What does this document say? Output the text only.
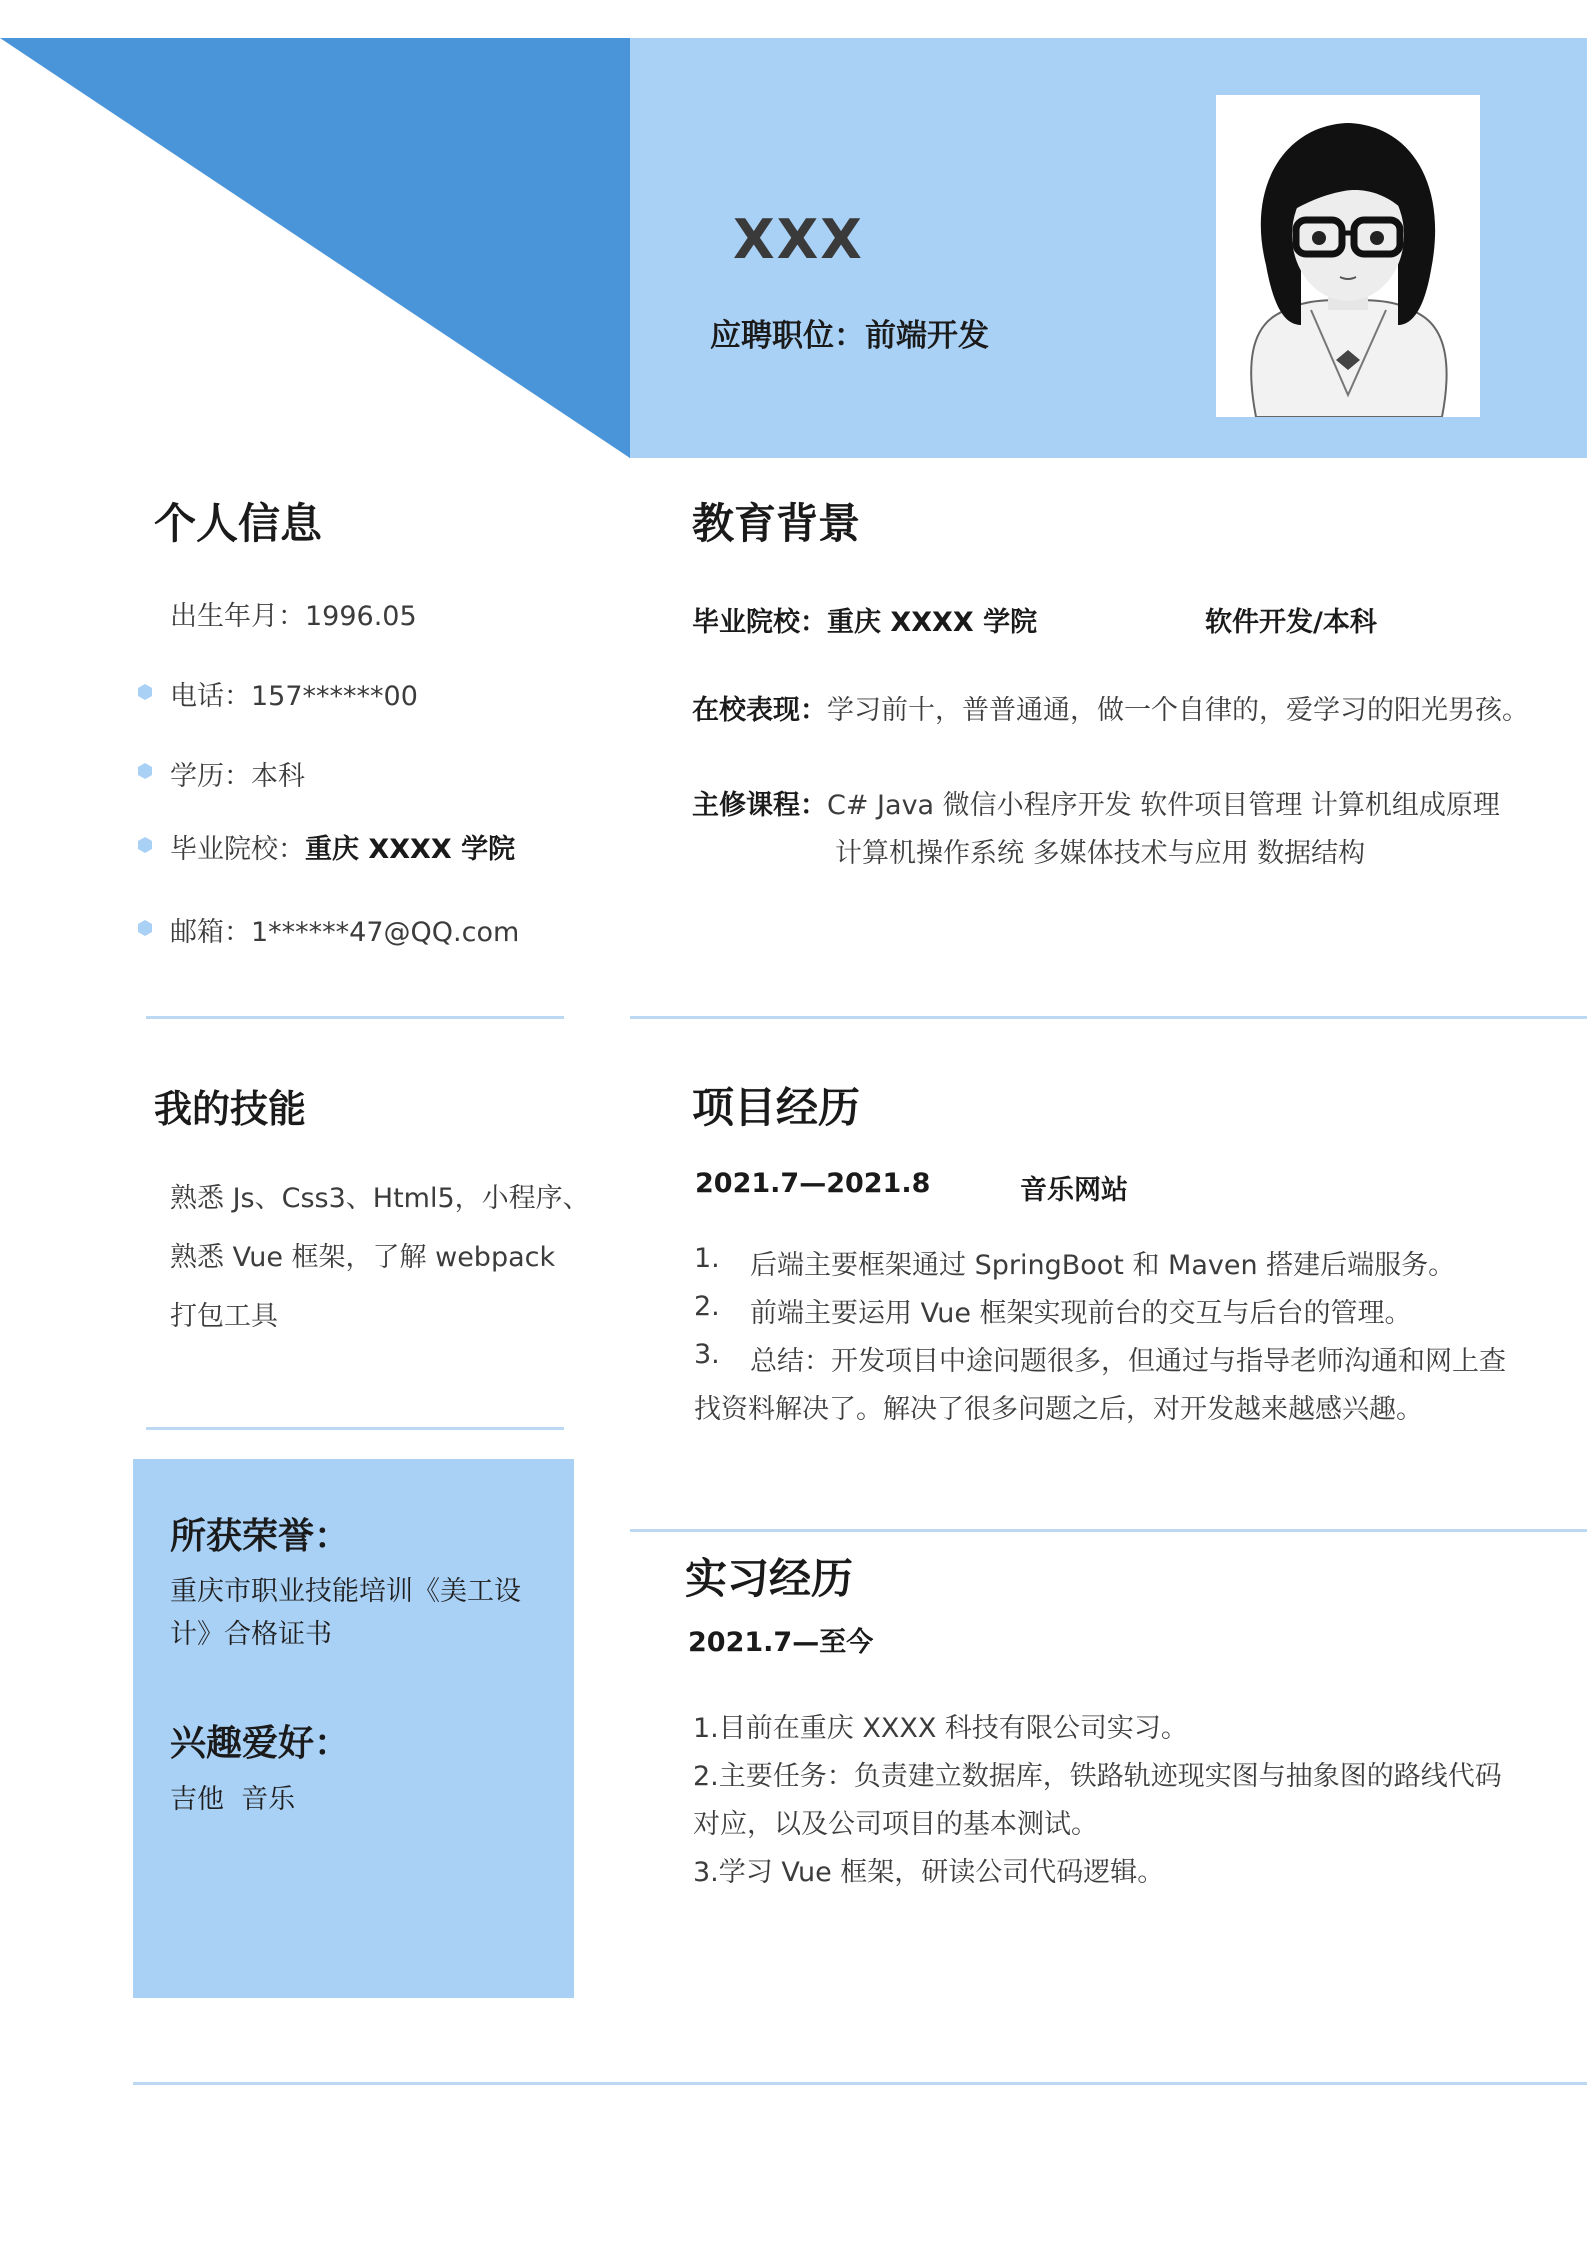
XXX
应聘职位：前端开发
个人信息
出生年月：1996.05
电话：157******00
学历：本科
毕业院校：重庆 XXXX 学院
邮箱：1******47@QQ.com
教育背景
毕业院校：重庆 XXXX 学院	软件开发/本科
在校表现：学习前十，普普通通，做一个自律的，爱学习的阳光男孩。
主修课程：C# Java 微信小程序开发 软件项目管理 计算机组成原理
计算机操作系统 多媒体技术与应用 数据结构
我的技能
熟悉 Js、Css3、Html5，小程序、
熟悉 Vue 框架，了解 webpack
打包工具
项目经历
2021.7—2021.8	音乐网站
1. 后端主要框架通过 SpringBoot 和 Maven 搭建后端服务。
2. 前端主要运用 Vue 框架实现前台的交互与后台的管理。
3. 总结：开发项目中途问题很多，但通过与指导老师沟通和网上查
找资料解决了。解决了很多问题之后，对开发越来越感兴趣。
所获荣誉：
重庆市职业技能培训《美工设
计》合格证书
兴趣爱好：
吉他  音乐
实习经历
2021.7—至今
1.目前在重庆 XXXX 科技有限公司实习。
2.主要任务：负责建立数据库，铁路轨迹现实图与抽象图的路线代码
对应，以及公司项目的基本测试。
3.学习 Vue 框架，研读公司代码逻辑。
